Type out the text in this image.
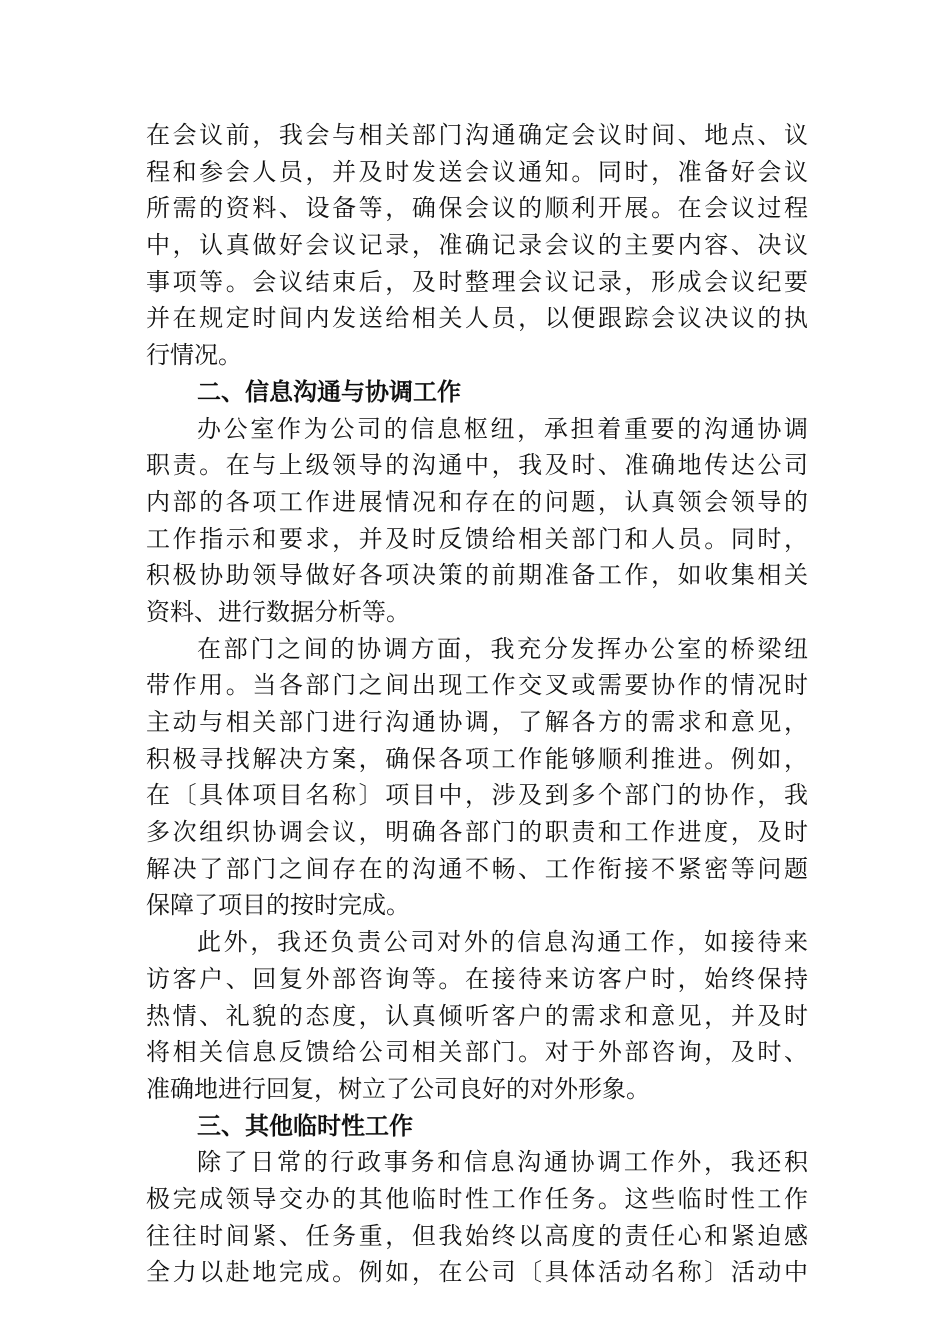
在会议前，我会与相关部门沟通确定会议时间、地点、议
程和参会人员，并及时发送会议通知。同时，准备好会议
所需的资料、设备等，确保会议的顺利开展。在会议过程
中，认真做好会议记录，准确记录会议的主要内容、决议
事项等。会议结束后，及时整理会议记录，形成会议纪要
并在规定时间内发送给相关人员，以便跟踪会议决议的执
行情况。
二、信息沟通与协调工作
办公室作为公司的信息枢纽，承担着重要的沟通协调
职责。在与上级领导的沟通中，我及时、准确地传达公司
内部的各项工作进展情况和存在的问题，认真领会领导的
工作指示和要求，并及时反馈给相关部门和人员。同时，
积极协助领导做好各项决策的前期准备工作，如收集相关
资料、进行数据分析等。
在部门之间的协调方面，我充分发挥办公室的桥梁纽
带作用。当各部门之间出现工作交叉或需要协作的情况时
主动与相关部门进行沟通协调，了解各方的需求和意见，
积极寻找解决方案，确保各项工作能够顺利推进。例如，
在〔具体项目名称〕项目中，涉及到多个部门的协作，我
多次组织协调会议，明确各部门的职责和工作进度，及时
解决了部门之间存在的沟通不畅、工作衔接不紧密等问题
保障了项目的按时完成。
此外，我还负责公司对外的信息沟通工作，如接待来
访客户、回复外部咨询等。在接待来访客户时，始终保持
热情、礼貌的态度，认真倾听客户的需求和意见，并及时
将相关信息反馈给公司相关部门。对于外部咨询，及时、
准确地进行回复，树立了公司良好的对外形象。
三、其他临时性工作
除了日常的行政事务和信息沟通协调工作外，我还积
极完成领导交办的其他临时性工作任务。这些临时性工作
往往时间紧、任务重，但我始终以高度的责任心和紧迫感
全力以赴地完成。例如，在公司〔具体活动名称〕活动中
